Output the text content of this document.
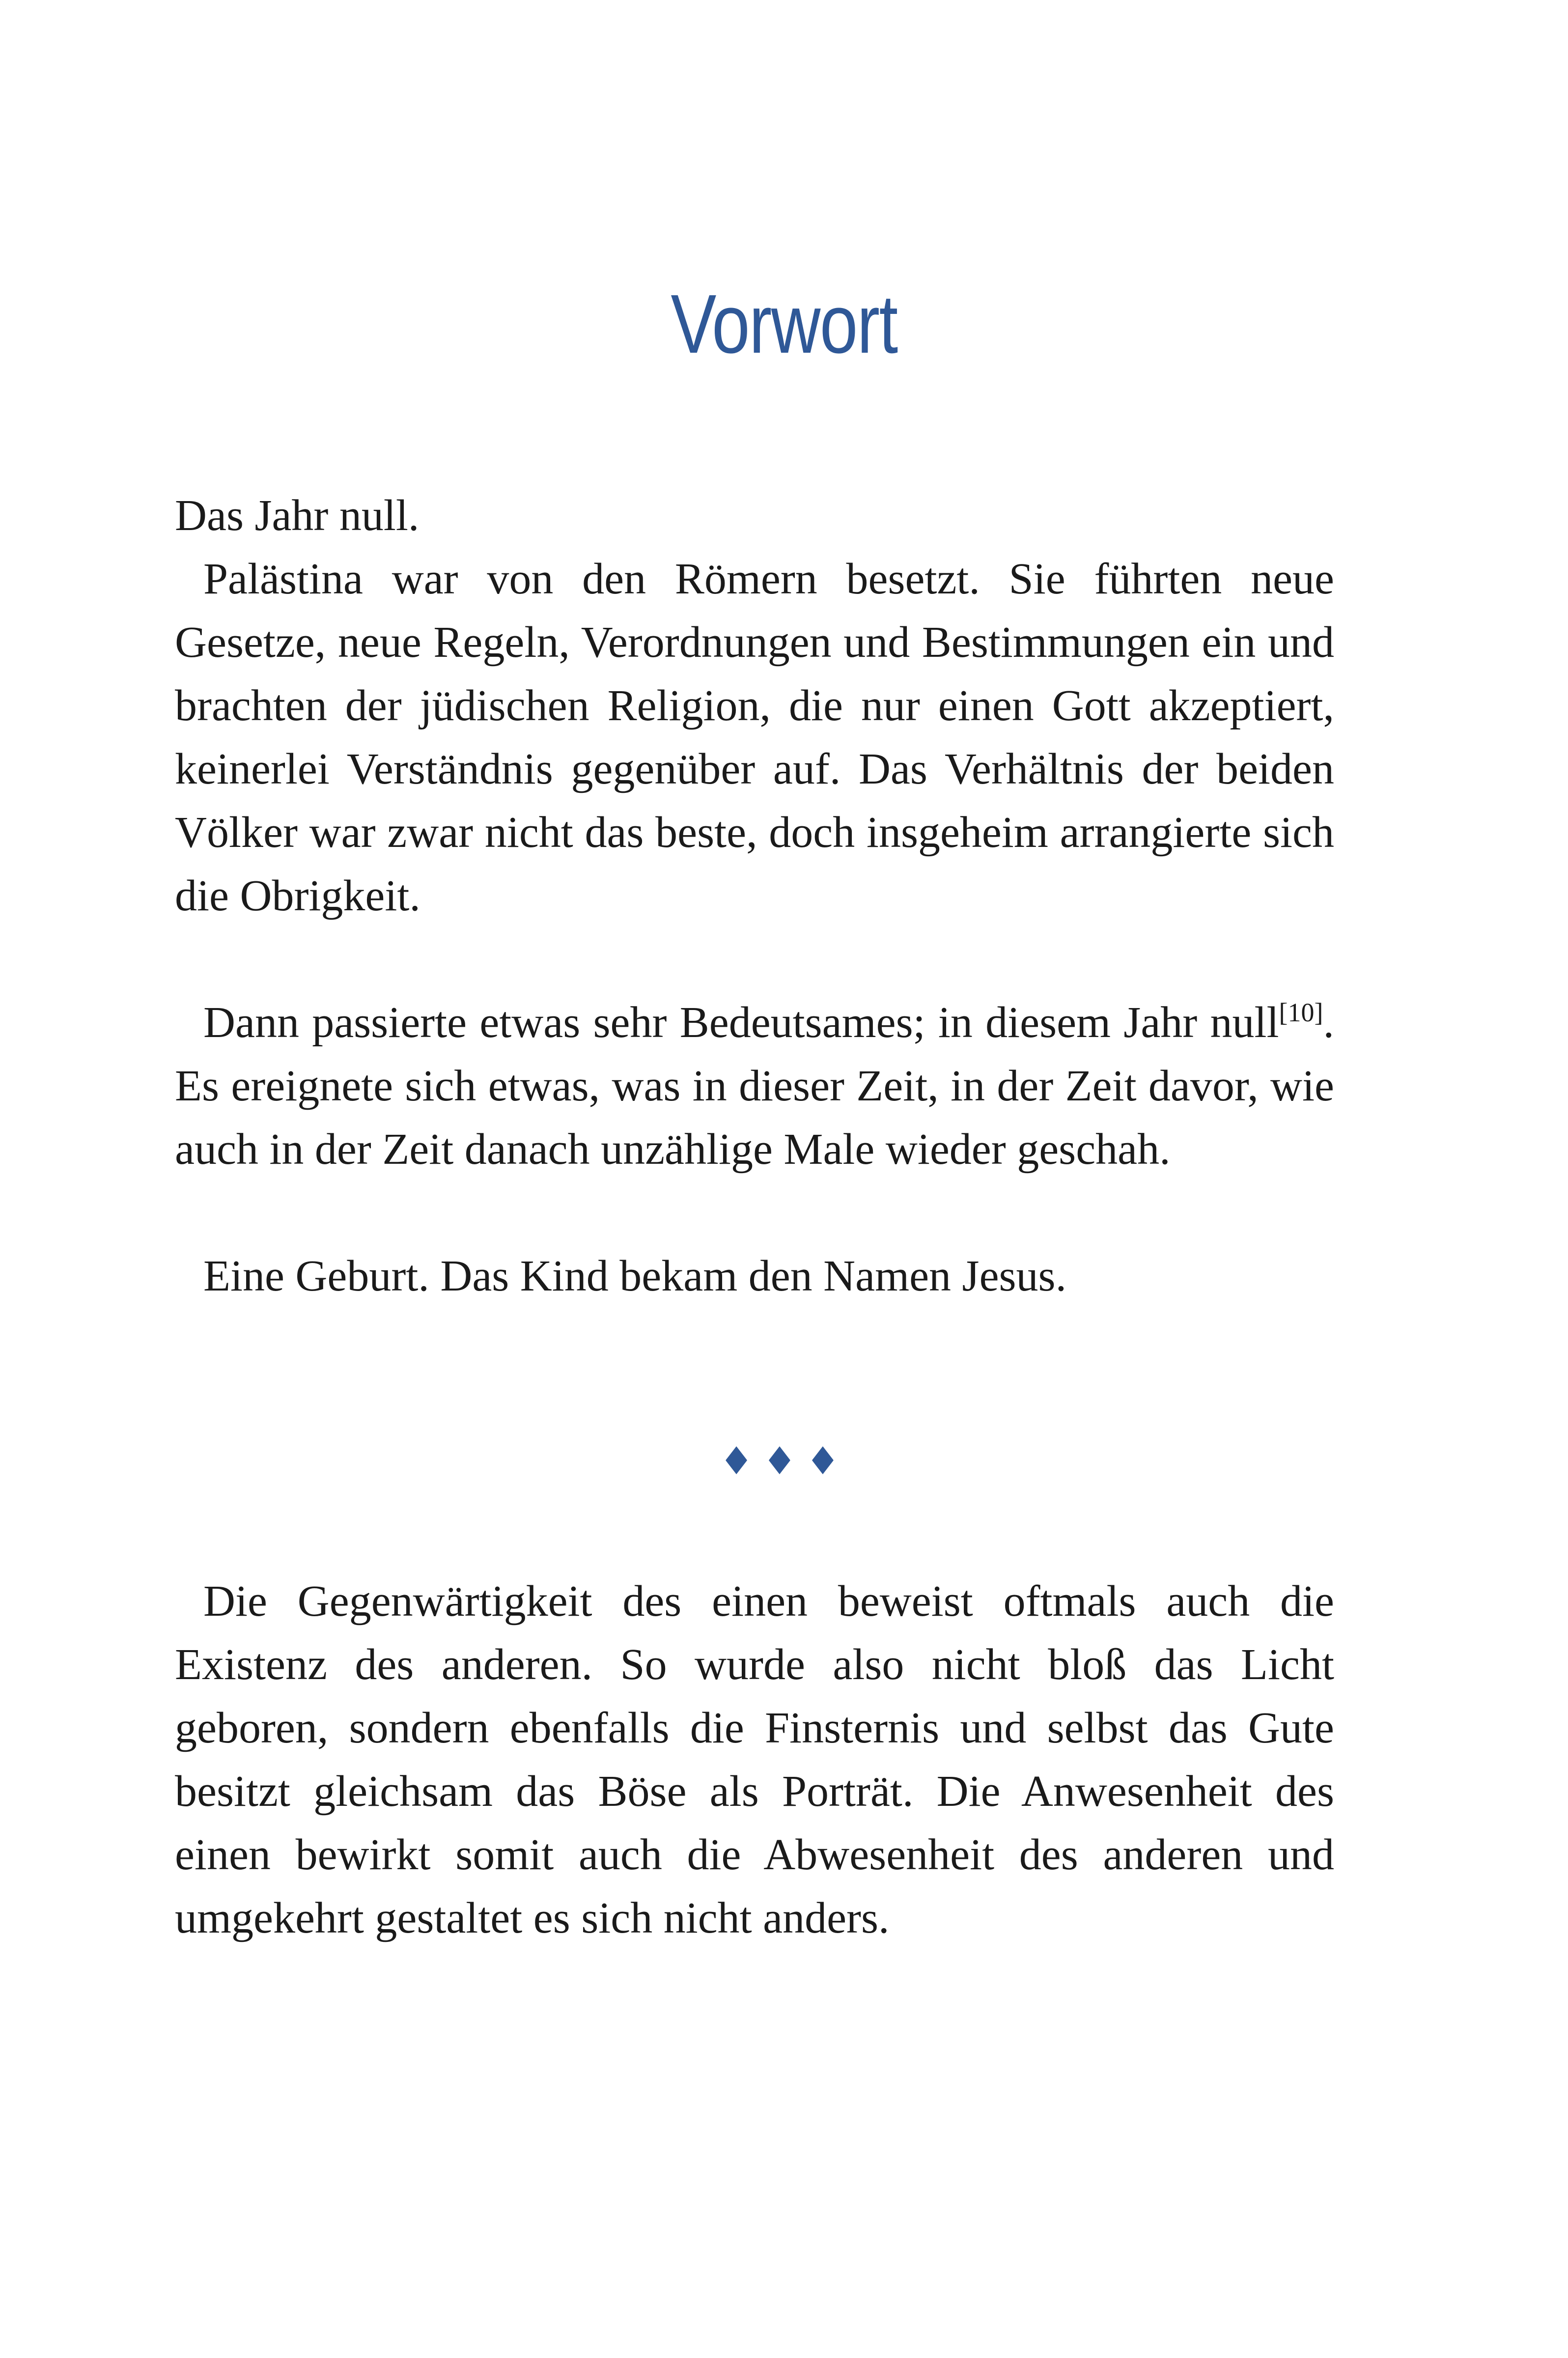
Vorwort

Das Jahr null.

Palästina war von den Römern besetzt. Sie führten neue Gesetze, neue Regeln, Verordnungen und Bestimmungen ein und brachten der jüdischen Religion, die nur einen Gott akzeptiert, keinerlei Verständnis gegenüber auf. Das Verhältnis der beiden Völker war zwar nicht das beste, doch insgeheim arrangierte sich die Obrigkeit.

Dann passierte etwas sehr Bedeutsames; in diesem Jahr null[10]. Es ereignete sich etwas, was in dieser Zeit, in der Zeit davor, wie auch in der Zeit danach unzählige Male wieder geschah.

Eine Geburt. Das Kind bekam den Namen Jesus.

♦♦♦

Die Gegenwärtigkeit des einen beweist oftmals auch die Existenz des anderen. So wurde also nicht bloß das Licht geboren, sondern ebenfalls die Finsternis und selbst das Gute besitzt gleichsam das Böse als Porträt. Die Anwesenheit des einen bewirkt somit auch die Abwesenheit des anderen und umgekehrt gestaltet es sich nicht anders.
